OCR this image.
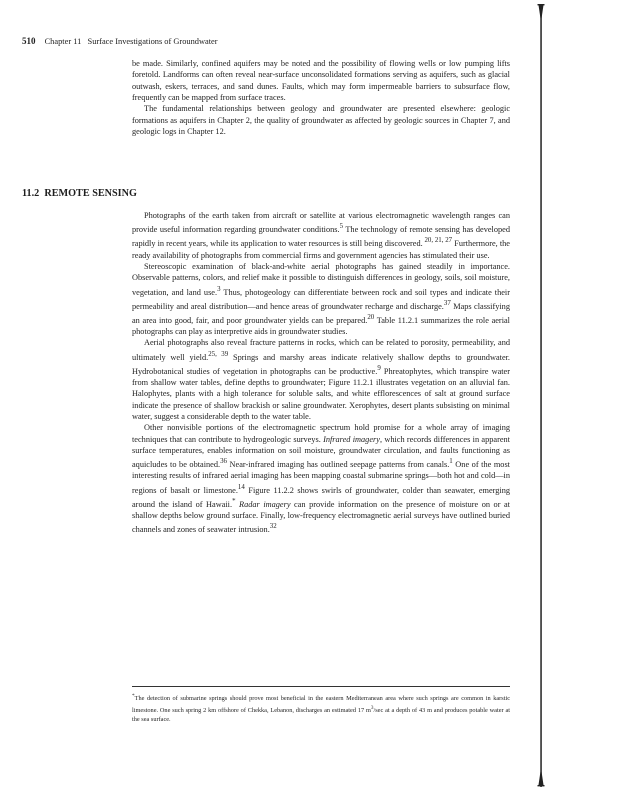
510 Chapter 11   Surface Investigations of Groundwater

be made. Similarly, confined aquifers may be noted and the possibility of flowing wells or low pumping lifts foretold. Landforms can often reveal near-surface unconsolidated formations serving as aquifers, such as glacial outwash, eskers, terraces, and sand dunes. Faults, which may form impermeable barriers to subsurface flow, frequently can be mapped from surface traces.

The fundamental relationships between geology and groundwater are presented elsewhere: geologic formations as aquifers in Chapter 2, the quality of groundwater as affected by geologic sources in Chapter 7, and geologic logs in Chapter 12.

11.2  REMOTE SENSING

Photographs of the earth taken from aircraft or satellite at various electromagnetic wavelength ranges can provide useful information regarding groundwater conditions.$^5$ The technology of remote sensing has developed rapidly in recent years, while its application to water resources is still being discovered. $^{20, 21, 27}$ Furthermore, the ready availability of photographs from commercial firms and government agencies has stimulated their use.

Stereoscopic examination of black-and-white aerial photographs has gained steadily in importance. Observable patterns, colors, and relief make it possible to distinguish differences in geology, soils, soil moisture, vegetation, and land use.$^3$ Thus, photogeology can differentiate between rock and soil types and indicate their permeability and areal distribution—and hence areas of groundwater recharge and discharge.$^{37}$ Maps classifying an area into good, fair, and poor groundwater yields can be prepared.$^{20}$ Table 11.2.1 summarizes the role aerial photographs can play as interpretive aids in groundwater studies.

Aerial photographs also reveal fracture patterns in rocks, which can be related to porosity, permeability, and ultimately well yield.$^{25, 39}$ Springs and marshy areas indicate relatively shallow depths to groundwater. Hydrobotanical studies of vegetation in photographs can be productive.$^9$ Phreatophytes, which transpire water from shallow water tables, define depths to groundwater; Figure 11.2.1 illustrates vegetation on an alluvial fan. Halophytes, plants with a high tolerance for soluble salts, and white efflorescences of salt at ground surface indicate the presence of shallow brackish or saline groundwater. Xerophytes, desert plants subsisting on minimal water, suggest a considerable depth to the water table.

Other nonvisible portions of the electromagnetic spectrum hold promise for a whole array of imaging techniques that can contribute to hydrogeologic surveys. Infrared imagery, which records differences in apparent surface temperatures, enables information on soil moisture, groundwater circulation, and faults functioning as aquicludes to be obtained.$^{36}$ Near-infrared imaging has outlined seepage patterns from canals.$^1$ One of the most interesting results of infrared aerial imaging has been mapping coastal submarine springs—both hot and cold—in regions of basalt or limestone.$^{14}$ Figure 11.2.2 shows swirls of groundwater, colder than seawater, emerging around the island of Hawaii.* Radar imagery can provide information on the presence of moisture on or at shallow depths below ground surface. Finally, low-frequency electromagnetic aerial surveys have outlined buried channels and zones of seawater intrusion.$^{32}$

*The detection of submarine springs should prove most beneficial in the eastern Mediterranean area where such springs are common in karstic limestone. One such spring 2 km offshore of Chekka, Lebanon, discharges an estimated 17 $m^3/\sec$ at a depth of 43 m and produces potable water at the sea surface.
